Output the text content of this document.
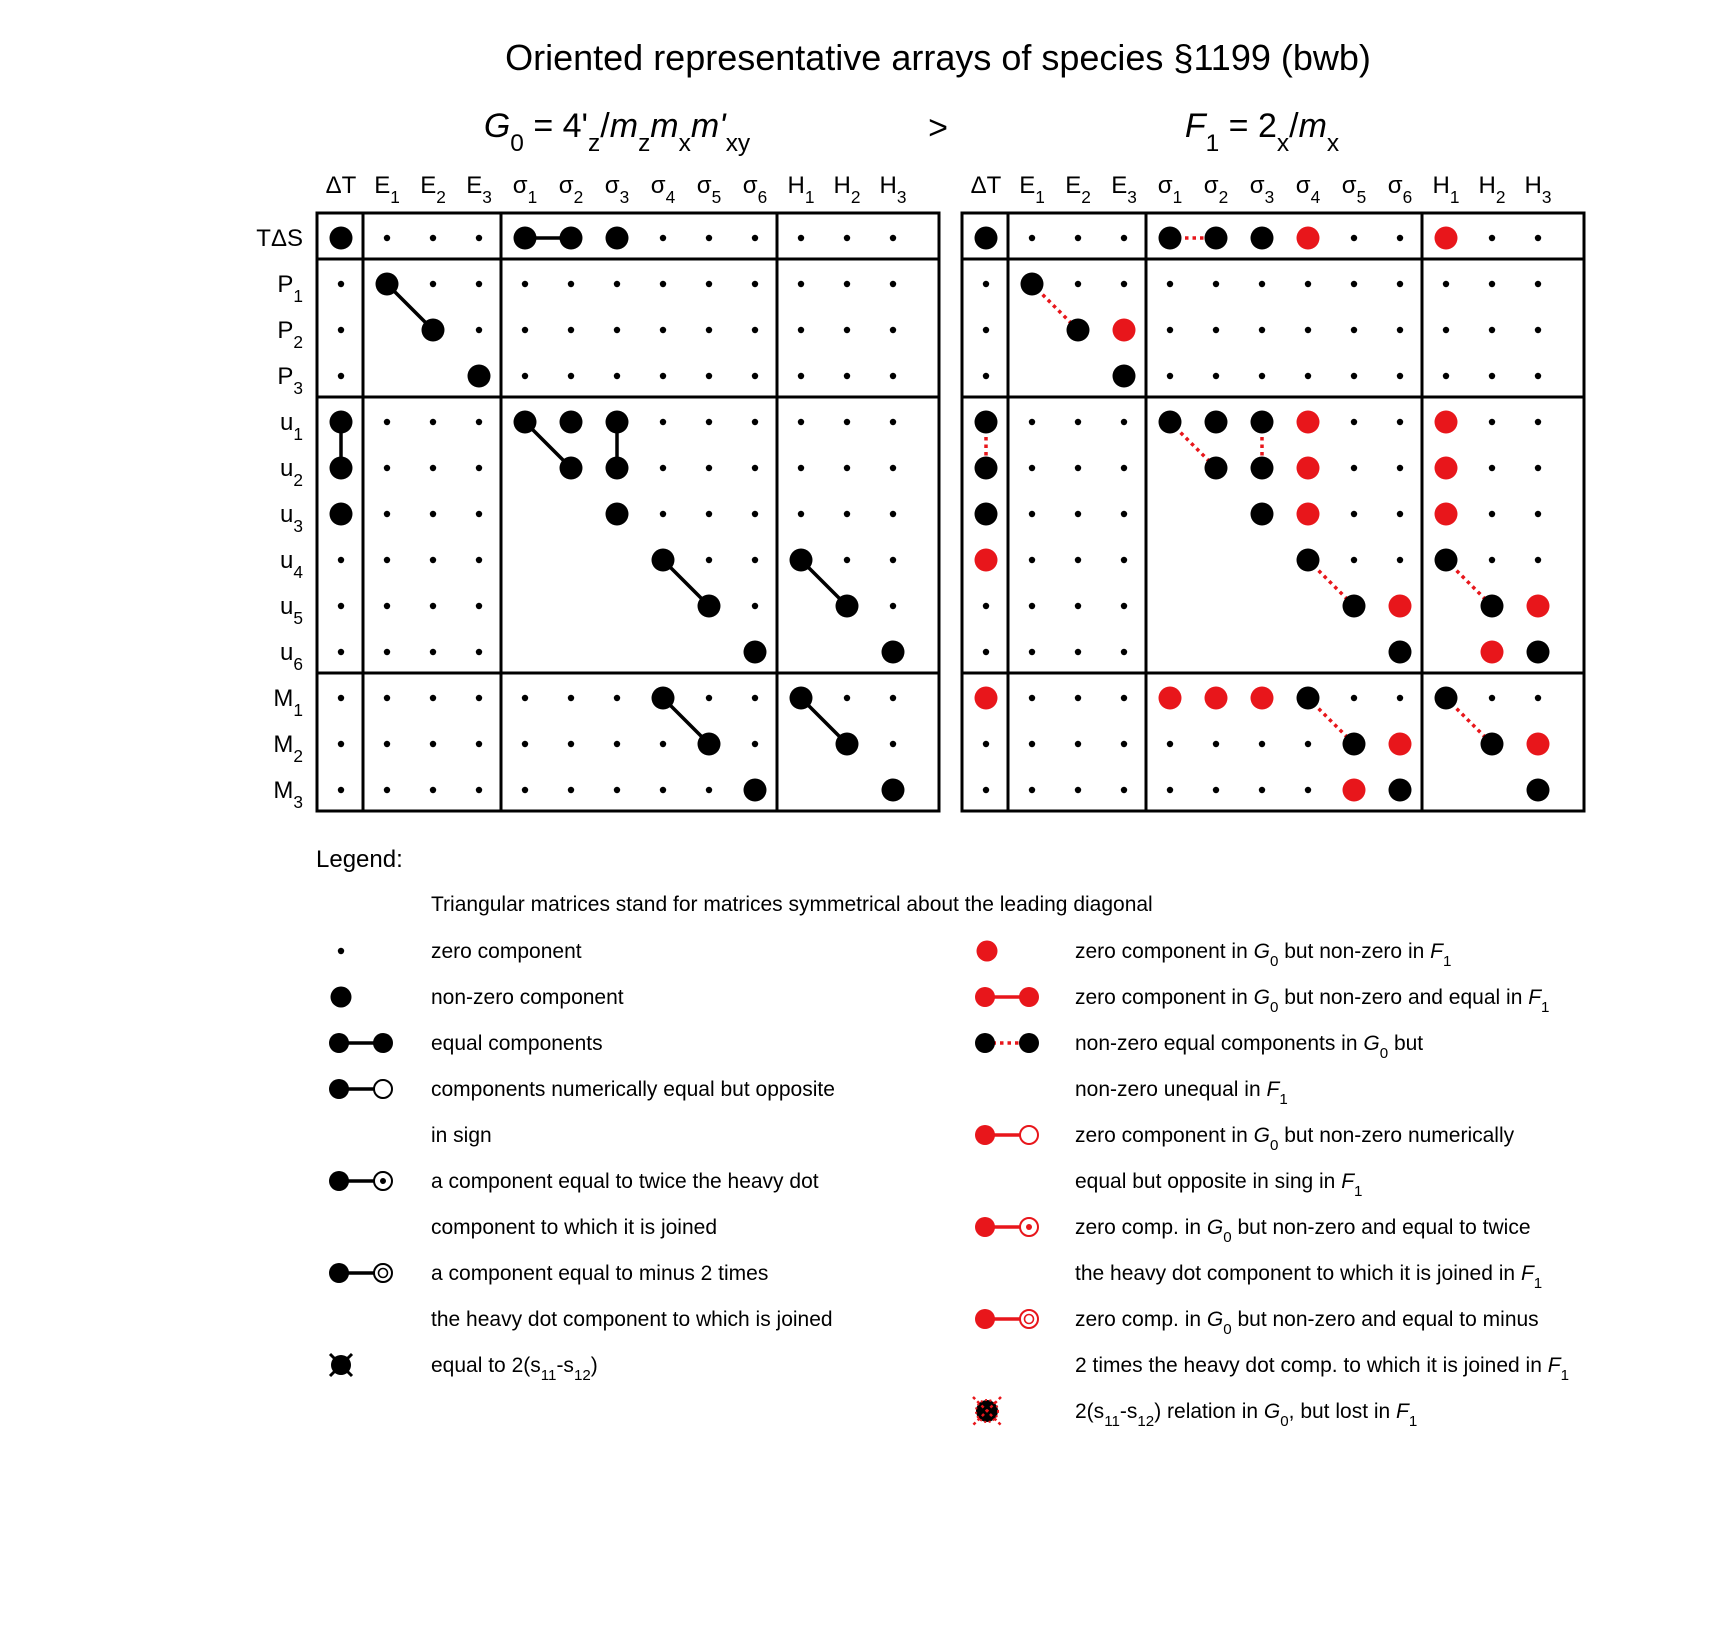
Oriented representative arrays of species §1199 (bwb)
>
Legend:
Triangular matrices stand for matrices symmetrical about the leading diagonal
$G_0 = 4'_z/m_zm_xm'_{xy}$
ΔT $E_1$ $E_2$ $E_3$ $\sigma_1$ $\sigma_2$ $\sigma_3$ $\sigma_4$ $\sigma_5$ $\sigma_6$ $H_1$ $H_2$ $H_3$
TΔS
$P_1$
$P_2$
$P_3$
$u_1$
$u_2$
$u_3$
$u_4$
$u_5$
$u_6$
$M_1$
$M_2$
$M_3$
$F_1 = 2_x/m_x$
ΔT $E_1$ $E_2$ $E_3$ $\sigma_1$ $\sigma_2$ $\sigma_3$ $\sigma_4$ $\sigma_5$ $\sigma_6$ $H_1$ $H_2$ $H_3$
zero component
non-zero component
equal components
components numerically equal but opposite
in sign
a component equal to twice the heavy dot
component to which it is joined
a component equal to minus 2 times
the heavy dot component to which is joined
equal to $2(s_{11}-s_{12})$
zero component in $G_0$ but non-zero in $F_1$
zero component in $G_0$ but non-zero and equal in $F_1$
non-zero equal components in $G_0$ but
non-zero unequal in $F_1$
zero component in $G_0$ but non-zero numerically
equal but opposite in sing in $F_1$
zero comp. in $G_0$ but non-zero and equal to twice
the heavy dot component to which it is joined in $F_1$
zero comp. in $G_0$ but non-zero and equal to minus
2 times the heavy dot comp. to which it is joined in $F_1$
$2(s_{11}-s_{12})$ relation in $G_0$, but lost in $F_1$
